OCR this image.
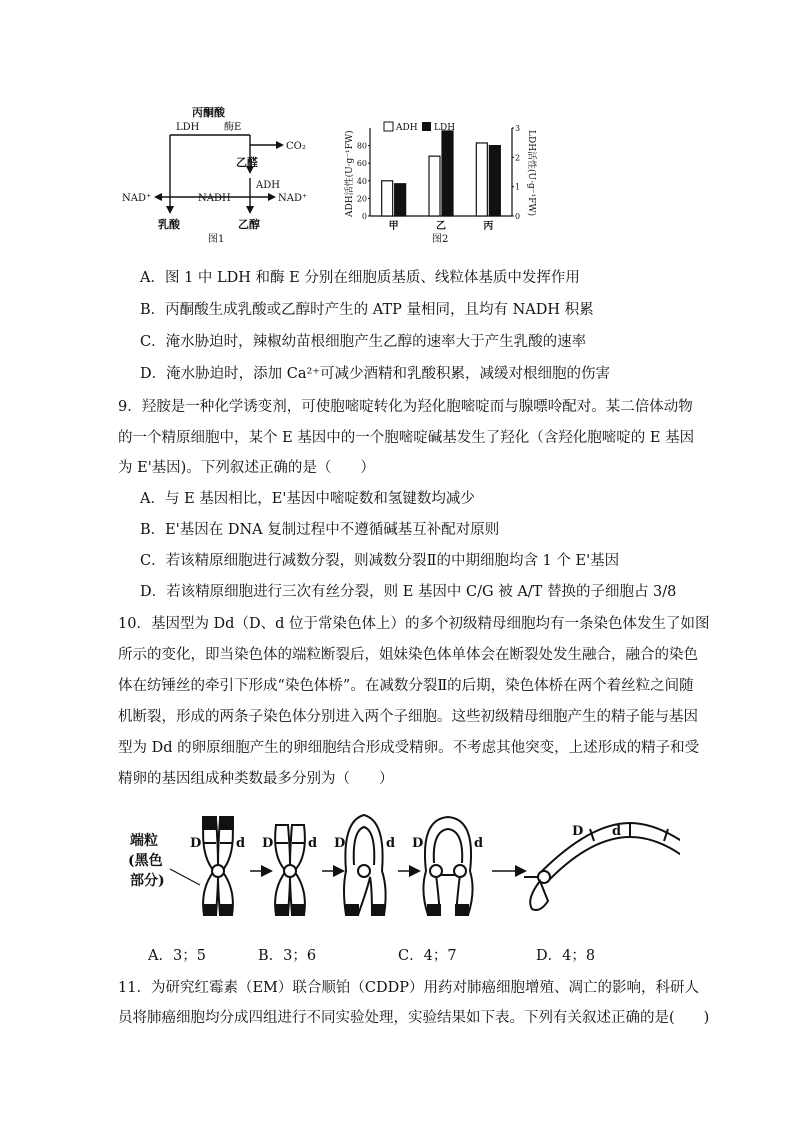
丙酮酸
LDH 酶E
CO₂
乙醛
ADH
NAD⁺	NADH	NAD⁺
乳酸	乙醇
图1
0
20
40
60
80
0
1
2
3
甲	乙	丙
ADH LDH
ADH活性(U·g⁻¹FW)	LDH活性(U·g⁻¹FW)
图2
A．图 1 中 LDH 和酶 E 分别在细胞质基质、线粒体基质中发挥作用
B．丙酮酸生成乳酸或乙醇时产生的 ATP 量相同，且均有 NADH 积累
C．淹水胁迫时，辣椒幼苗根细胞产生乙醇的速率大于产生乳酸的速率
D．淹水胁迫时，添加 Ca²⁺可减少酒精和乳酸积累，减缓对根细胞的伤害
9．羟胺是一种化学诱变剂，可使胞嘧啶转化为羟化胞嘧啶而与腺嘌呤配对。某二倍体动物
的一个精原细胞中，某个 E 基因中的一个胞嘧啶碱基发生了羟化（含羟化胞嘧啶的 E 基因
为 E'基因)。下列叙述正确的是（　　）
A．与 E 基因相比，E'基因中嘧啶数和氢键数均减少
B．E'基因在 DNA 复制过程中不遵循碱基互补配对原则
C．若该精原细胞进行减数分裂，则减数分裂Ⅱ的中期细胞均含 1 个 E'基因
D．若该精原细胞进行三次有丝分裂，则 E 基因中 C/G 被 A/T 替换的子细胞占 3/8
10．基因型为 Dd（D、d 位于常染色体上）的多个初级精母细胞均有一条染色体发生了如图
所示的变化，即当染色体的端粒断裂后，姐妹染色体单体会在断裂处发生融合，融合的染色
体在纺锤丝的牵引下形成“染色体桥”。在减数分裂Ⅱ的后期，染色体桥在两个着丝粒之间随
机断裂，形成的两条子染色体分别进入两个子细胞。这些初级精母细胞产生的精子能与基因
型为 Dd 的卵原细胞产生的卵细胞结合形成受精卵。不考虑其他突变，上述形成的精子和受
精卵的基因组成种类数最多分别为（　　）
端粒
(黑色
部分)
D	d D	d D	d D	d
D d
A．3；5	B．3；6	C．4；7	D．4；8
11．为研究红霉素（EM）联合顺铂（CDDP）用药对肺癌细胞增殖、凋亡的影响，科研人
员将肺癌细胞均分成四组进行不同实验处理，实验结果如下表。下列有关叙述正确的是(　　)
